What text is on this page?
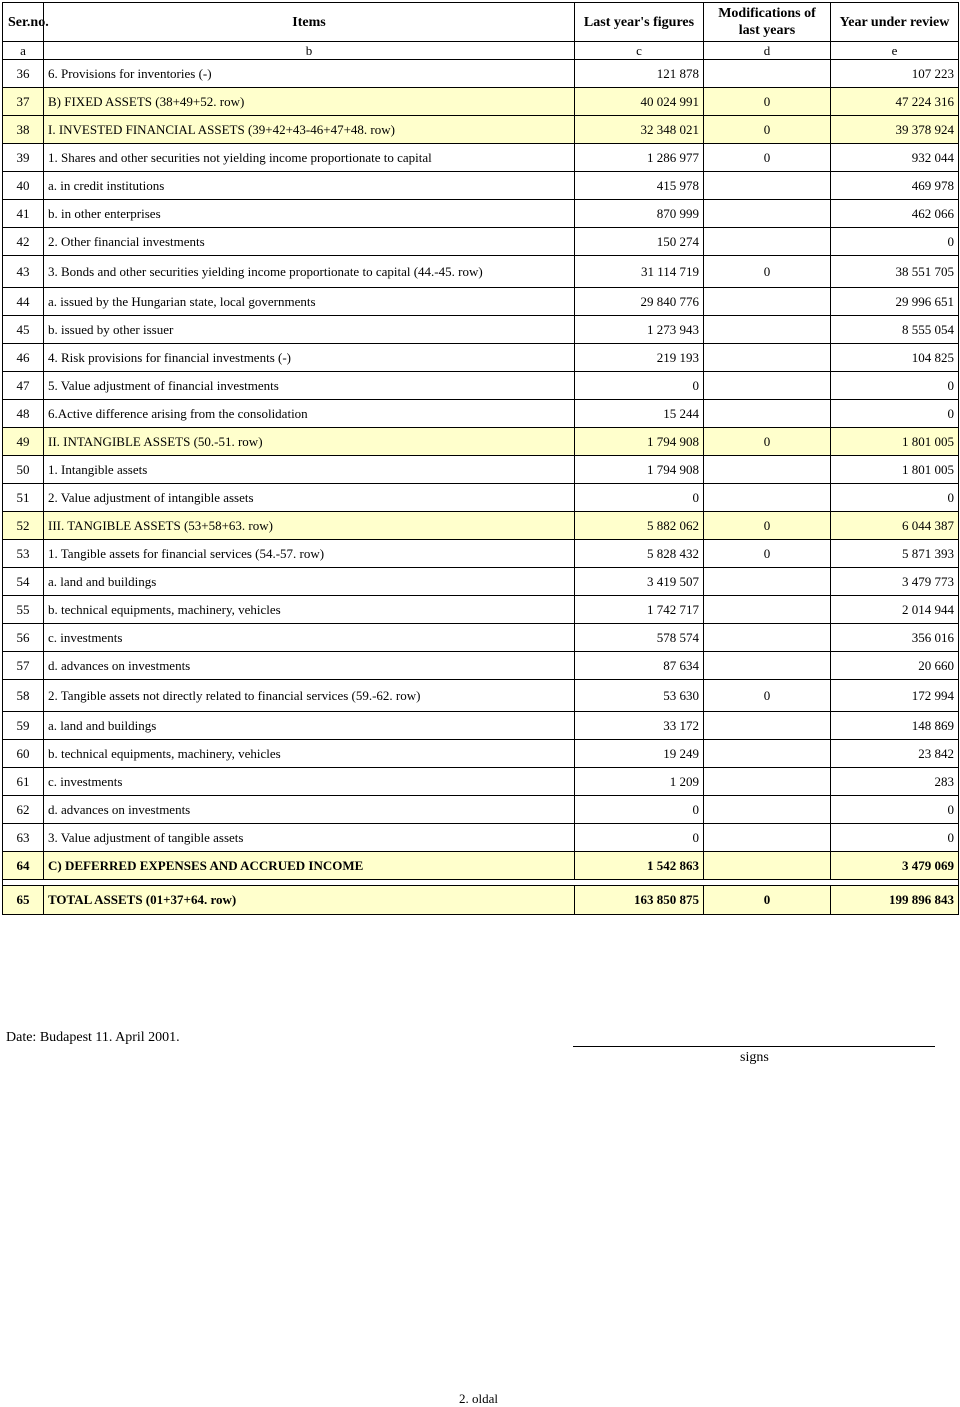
Ser.no.	Items	Last year's figures	Modifications of last years	Year under review
a	b	c	d	e
36	6. Provisions for inventories (-)	121 878		107 223
37	B) FIXED ASSETS (38+49+52. row)	40 024 991	0	47 224 316
38	I. INVESTED FINANCIAL ASSETS (39+42+43-46+47+48. row)	32 348 021	0	39 378 924
39	1. Shares and other securities not yielding income proportionate to capital	1 286 977	0	932 044
40	a. in credit institutions	415 978		469 978
41	b. in other enterprises	870 999		462 066
42	2. Other financial investments	150 274		0
43	3. Bonds and other securities yielding income proportionate to capital (44.-45. row)	31 114 719	0	38 551 705
44	a. issued by the Hungarian state, local governments	29 840 776		29 996 651
45	b. issued by other issuer	1 273 943		8 555 054
46	4. Risk provisions for financial investments (-)	219 193		104 825
47	5. Value adjustment of financial investments	0		0
48	6.Active difference arising from the consolidation	15 244		0
49	II. INTANGIBLE ASSETS (50.-51. row)	1 794 908	0	1 801 005
50	1. Intangible assets	1 794 908		1 801 005
51	2. Value adjustment of intangible assets	0		0
52	III. TANGIBLE ASSETS (53+58+63. row)	5 882 062	0	6 044 387
53	1. Tangible assets for financial services (54.-57. row)	5 828 432	0	5 871 393
54	a. land and buildings	3 419 507		3 479 773
55	b. technical equipments, machinery, vehicles	1 742 717		2 014 944
56	c. investments	578 574		356 016
57	d. advances on investments	87 634		20 660
58	2. Tangible assets not directly related to financial services (59.-62. row)	53 630	0	172 994
59	a. land and buildings	33 172		148 869
60	b. technical equipments, machinery, vehicles	19 249		23 842
61	c. investments	1 209		283
62	d. advances on investments	0		0
63	3. Value adjustment of tangible assets	0		0
64	C) DEFERRED EXPENSES AND ACCRUED INCOME	1 542 863		3 479 069

65	TOTAL ASSETS (01+37+64. row)	163 850 875	0	199 896 843
Date: Budapest 11. April 2001.
signs
2. oldal
